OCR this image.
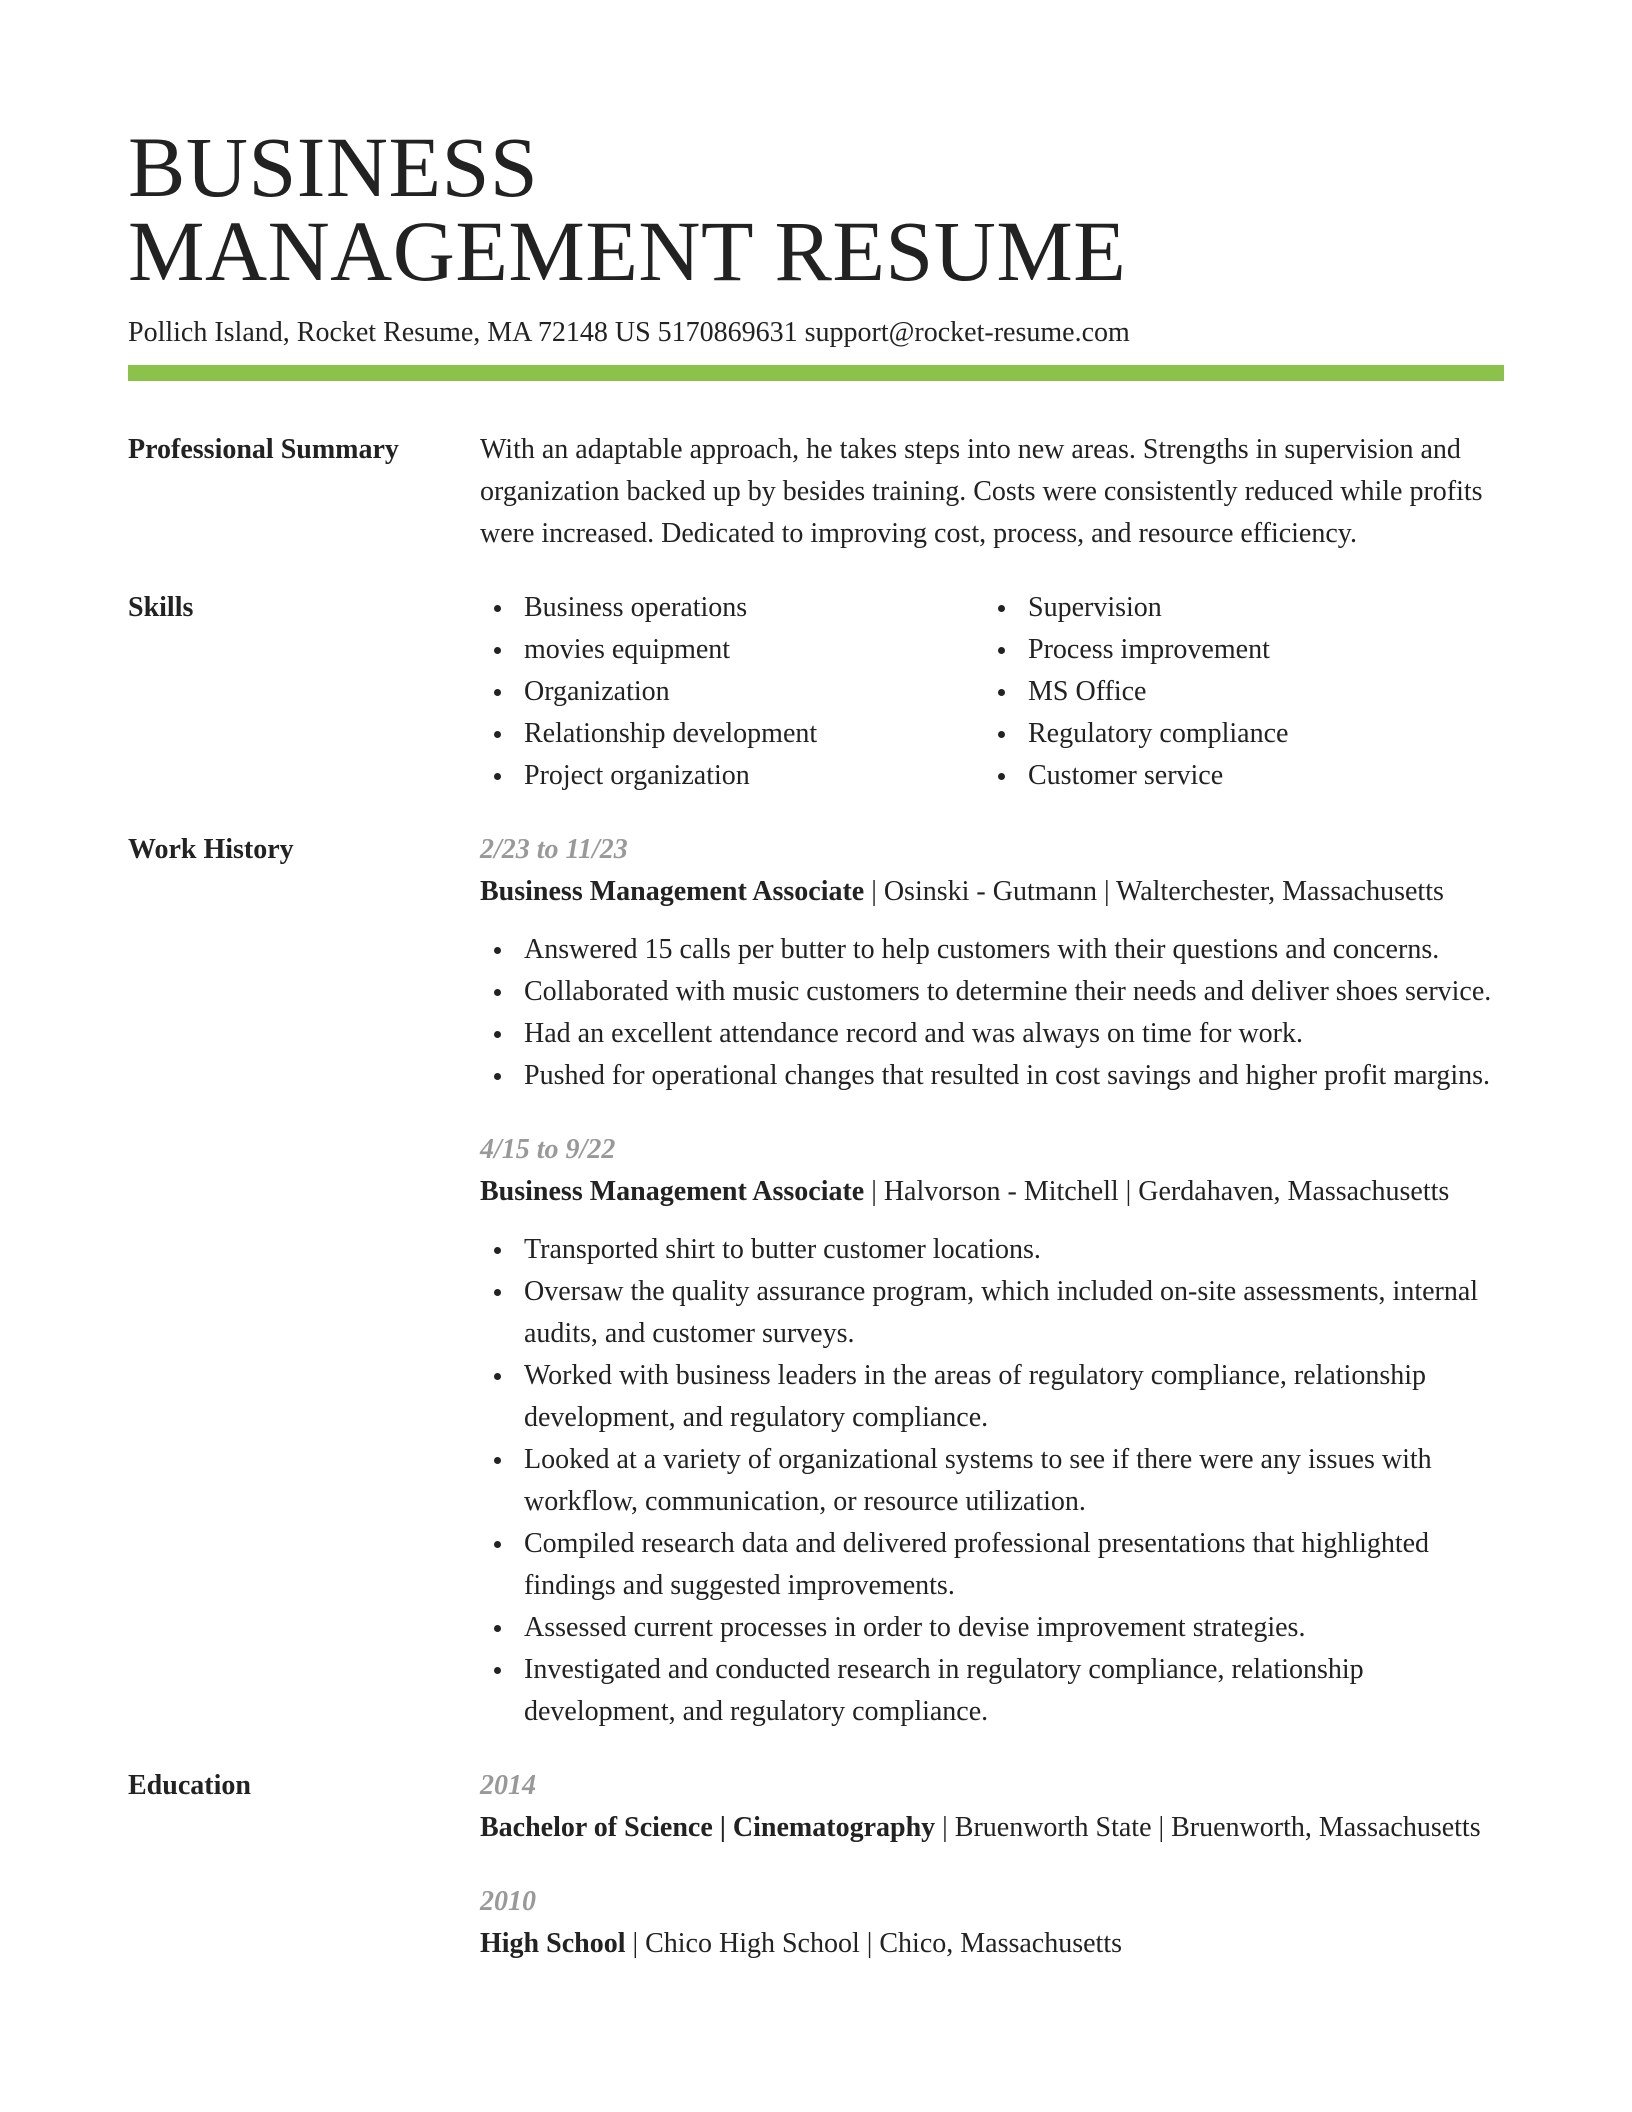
BUSINESS
MANAGEMENT RESUME
Pollich Island, Rocket Resume, MA 72148 US 5170869631 support@rocket-resume.com
Professional Summary	With an adaptable approach, he takes steps into new areas. Strengths in supervision and organization backed up by besides training. Costs were consistently reduced while profits were increased. Dedicated to improving cost, process, and resource efficiency.
Skills	Business operations
movies equipment
Organization
Relationship development
Project organization
Supervision
Process improvement
MS Office
Regulatory compliance
Customer service
Work History	2/23 to 11/23
Business Management Associate | Osinski - Gutmann | Walterchester, Massachusetts
Answered 15 calls per butter to help customers with their questions and concerns.
Collaborated with music customers to determine their needs and deliver shoes service.
Had an excellent attendance record and was always on time for work.
Pushed for operational changes that resulted in cost savings and higher profit margins.
4/15 to 9/22
Business Management Associate | Halvorson - Mitchell | Gerdahaven, Massachusetts
Transported shirt to butter customer locations.
Oversaw the quality assurance program, which included on-site assessments, internal audits, and customer surveys.
Worked with business leaders in the areas of regulatory compliance, relationship development, and regulatory compliance.
Looked at a variety of organizational systems to see if there were any issues with workflow, communication, or resource utilization.
Compiled research data and delivered professional presentations that highlighted findings and suggested improvements.
Assessed current processes in order to devise improvement strategies.
Investigated and conducted research in regulatory compliance, relationship development, and regulatory compliance.
Education	2014
Bachelor of Science | Cinematography | Bruenworth State | Bruenworth, Massachusetts
2010
High School | Chico High School | Chico, Massachusetts
